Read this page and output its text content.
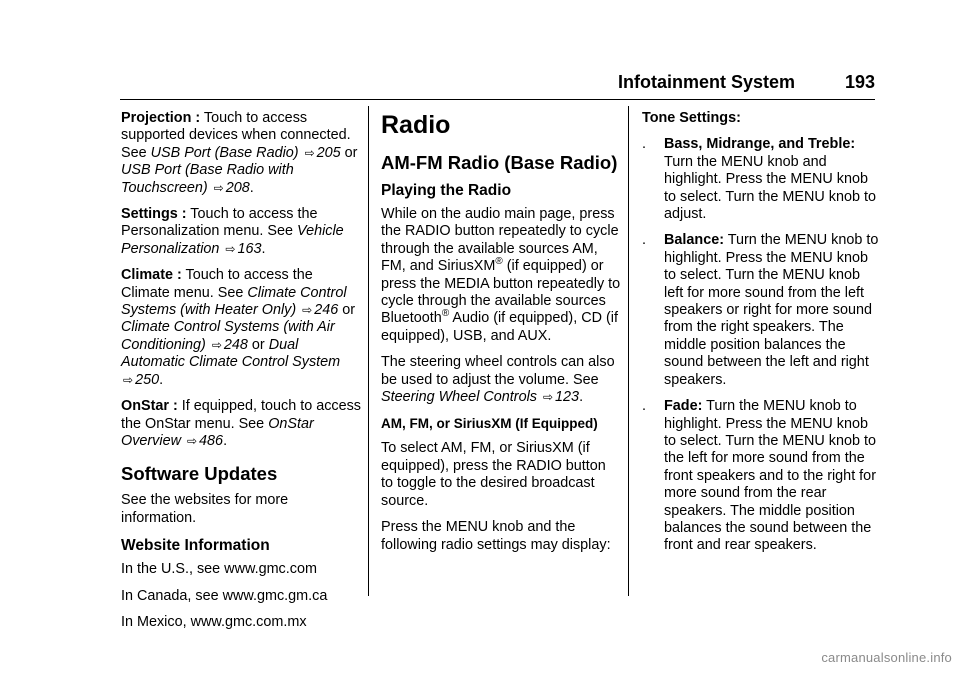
Infotainment System	193

Projection : Touch to access supported devices when connected. See USB Port (Base Radio) ⇨ 205 or USB Port (Base Radio with Touchscreen) ⇨ 208.

Settings : Touch to access the Personalization menu. See Vehicle Personalization ⇨ 163.

Climate : Touch to access the Climate menu. See Climate Control Systems (with Heater Only) ⇨ 246 or Climate Control Systems (with Air Conditioning) ⇨ 248 or Dual Automatic Climate Control System ⇨ 250.

OnStar : If equipped, touch to access the OnStar menu. See OnStar Overview ⇨ 486.

Software Updates

See the websites for more information.

Website Information

In the U.S., see www.gmc.com

In Canada, see www.gmc.gm.ca

In Mexico, www.gmc.com.mx

Radio
AM-FM Radio (Base Radio)
Playing the Radio

While on the audio main page, press the RADIO button repeatedly to cycle through the available sources AM, FM, and SiriusXM® (if equipped) or press the MEDIA button repeatedly to cycle through the available sources Bluetooth® Audio (if equipped), CD (if equipped), USB, and AUX.

The steering wheel controls can also be used to adjust the volume. See Steering Wheel Controls ⇨ 123.

AM, FM, or SiriusXM (If Equipped)

To select AM, FM, or SiriusXM (if equipped), press the RADIO button to toggle to the desired broadcast source.

Press the MENU knob and the following radio settings may display:

Tone Settings:

. Bass, Midrange, and Treble: Turn the MENU knob and highlight. Press the MENU knob to select. Turn the MENU knob to adjust.
. Balance: Turn the MENU knob to highlight. Press the MENU knob to select. Turn the MENU knob left for more sound from the left speakers or right for more sound from the right speakers. The middle position balances the sound between the left and right speakers.
. Fade: Turn the MENU knob to highlight. Press the MENU knob to select. Turn the MENU knob to the left for more sound from the front speakers and to the right for more sound from the rear speakers. The middle position balances the sound between the front and rear speakers.
carmanualsonline.info
